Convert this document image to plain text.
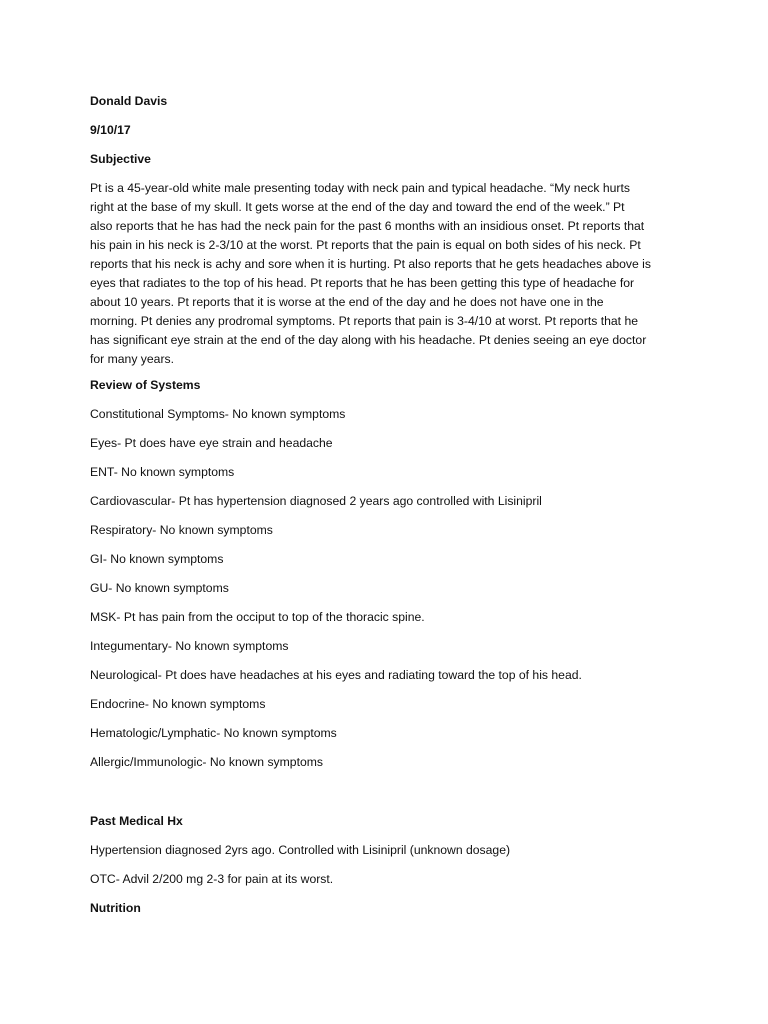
Donald Davis
9/10/17
Subjective
Pt is a 45-year-old white male presenting today with neck pain and typical headache. “My neck hurts
right at the base of my skull. It gets worse at the end of the day and toward the end of the week.” Pt
also reports that he has had the neck pain for the past 6 months with an insidious onset. Pt reports that
his pain in his neck is 2-3/10 at the worst. Pt reports that the pain is equal on both sides of his neck. Pt
reports that his neck is achy and sore when it is hurting. Pt also reports that he gets headaches above is
eyes that radiates to the top of his head. Pt reports that he has been getting this type of headache for
about 10 years. Pt reports that it is worse at the end of the day and he does not have one in the
morning. Pt denies any prodromal symptoms. Pt reports that pain is 3-4/10 at worst. Pt reports that he
has significant eye strain at the end of the day along with his headache. Pt denies seeing an eye doctor
for many years.
Review of Systems
Constitutional Symptoms- No known symptoms
Eyes- Pt does have eye strain and headache
ENT- No known symptoms
Cardiovascular- Pt has hypertension diagnosed 2 years ago controlled with Lisinipril
Respiratory- No known symptoms
GI- No known symptoms
GU- No known symptoms
MSK- Pt has pain from the occiput to top of the thoracic spine.
Integumentary- No known symptoms
Neurological- Pt does have headaches at his eyes and radiating toward the top of his head.
Endocrine- No known symptoms
Hematologic/Lymphatic- No known symptoms
Allergic/Immunologic- No known symptoms
Past Medical Hx
Hypertension diagnosed 2yrs ago. Controlled with Lisinipril (unknown dosage)
OTC- Advil 2/200 mg 2-3 for pain at its worst.
Nutrition
